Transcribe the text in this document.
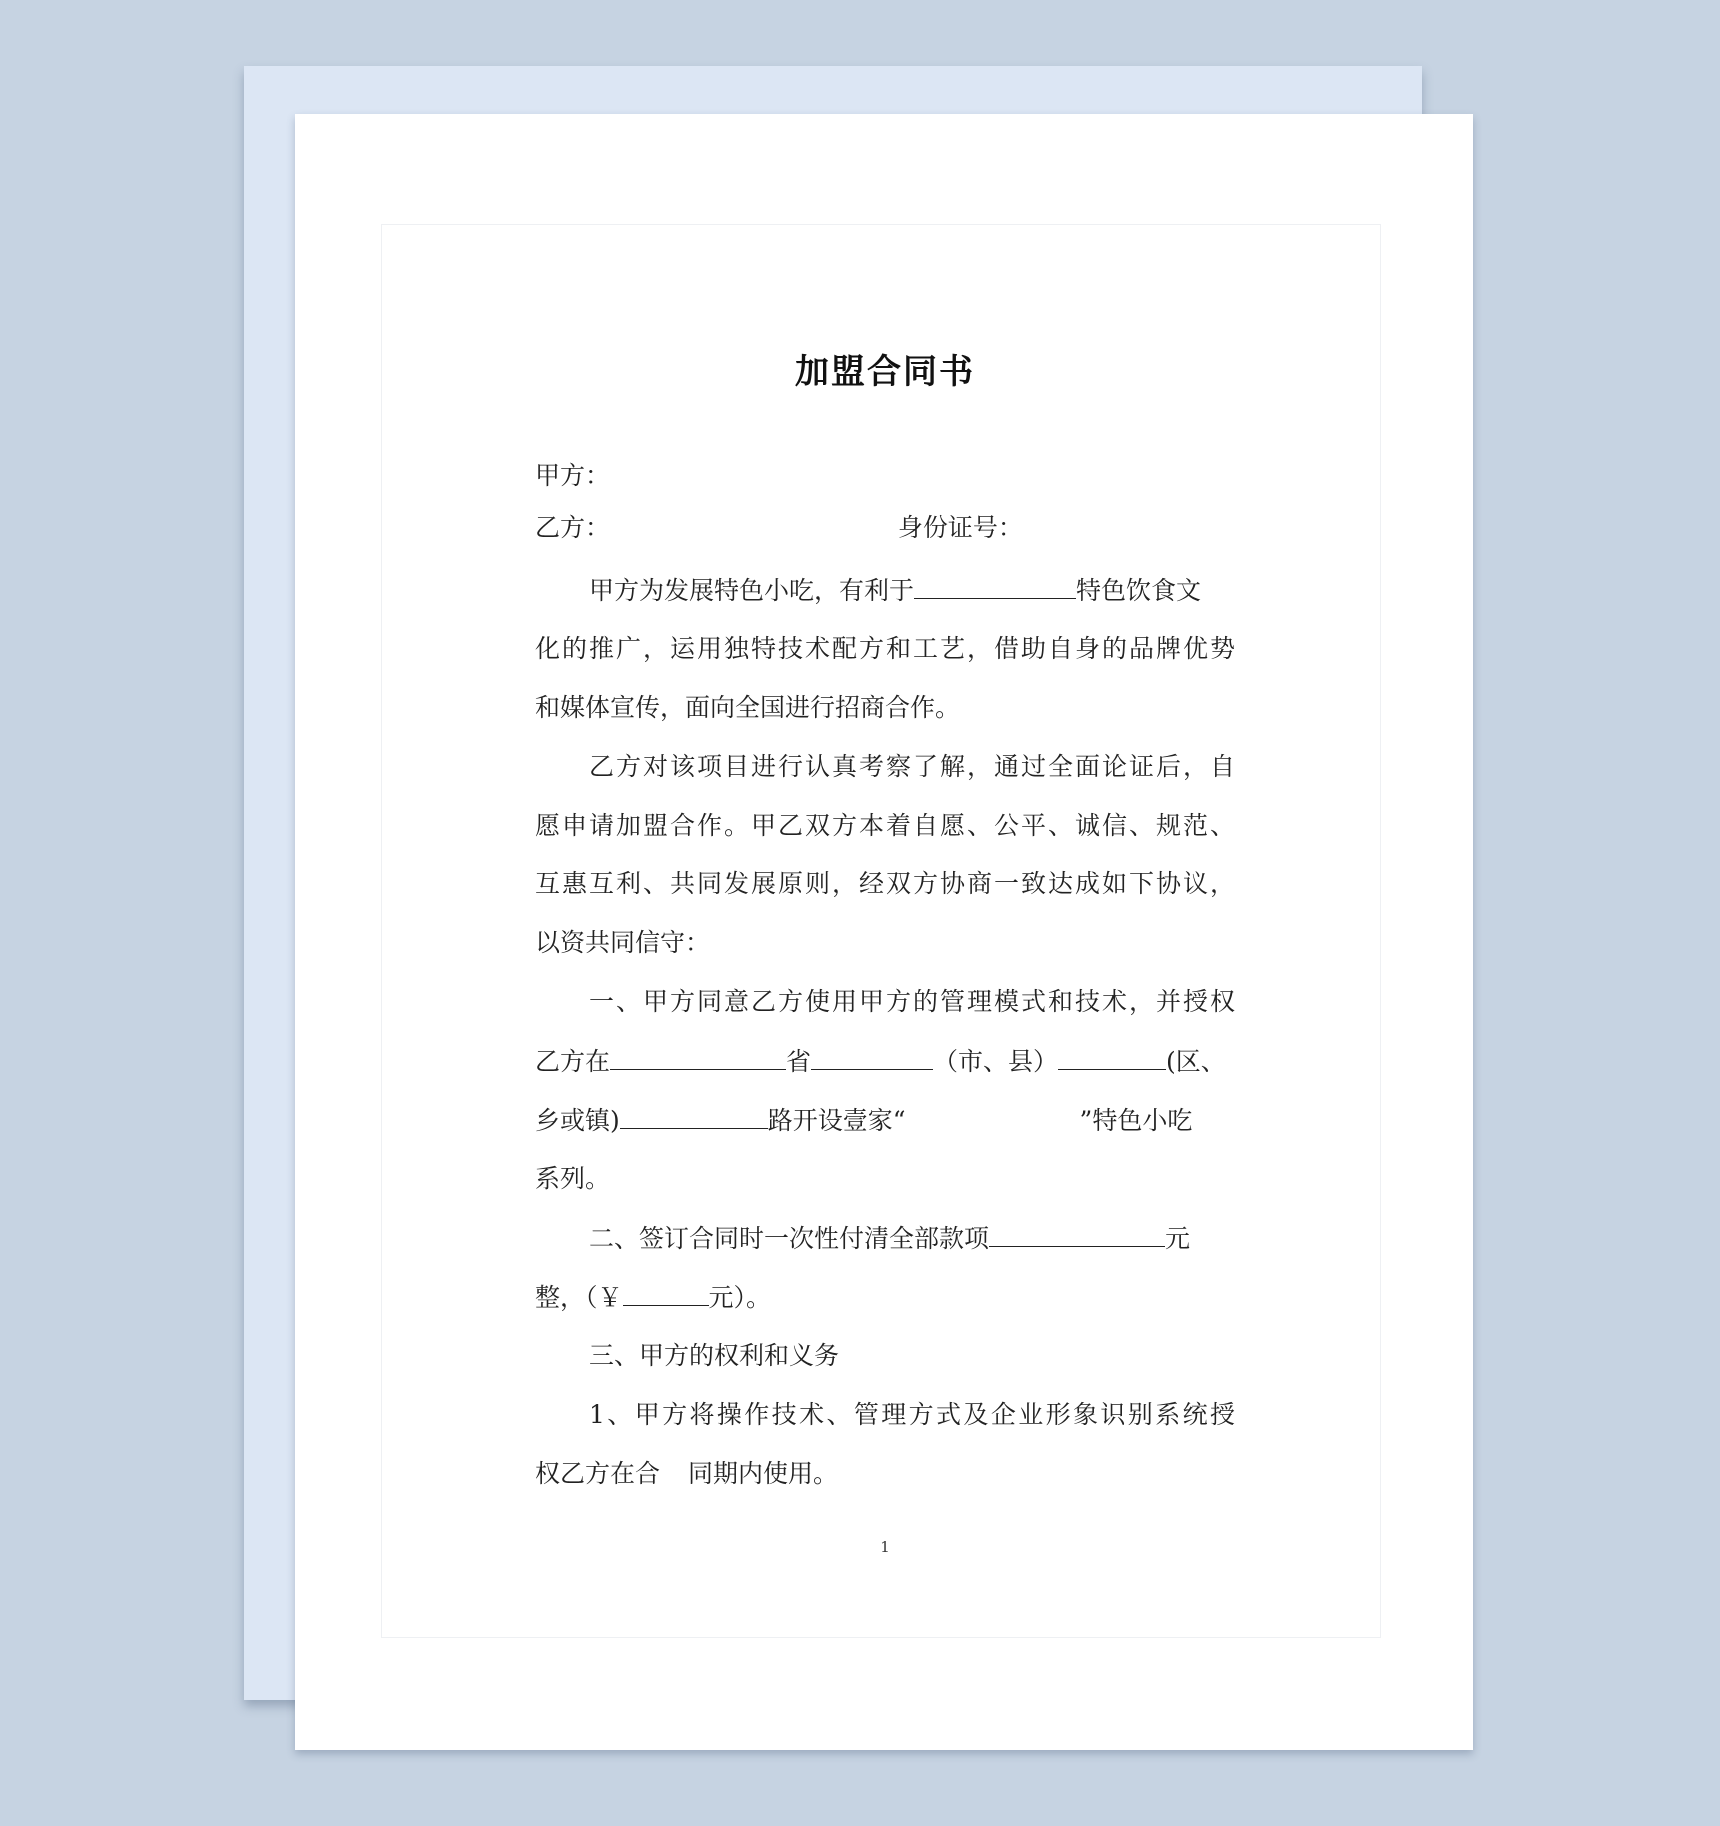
加盟合同书
甲方：
乙方：	身份证号：
甲方为发展特色小吃，有利于	特色饮食文
化的推广，运用独特技术配方和工艺，借助自身的品牌优势
和媒体宣传，面向全国进行招商合作。
乙方对该项目进行认真考察了解，通过全面论证后，自
愿申请加盟合作。甲乙双方本着自愿、公平、诚信、规范、
互惠互利、共同发展原则，经双方协商一致达成如下协议，
以资共同信守：
一、甲方同意乙方使用甲方的管理模式和技术，并授权
乙方在	省	（市、县）	(区、
乡或镇)	路开设壹家“	”特色小吃
系列。
二、签订合同时一次性付清全部款项	元
整，（￥	元）。
三、甲方的权利和义务
1、甲方将操作技术、管理方式及企业形象识别系统授
权乙方在合 同期内使用。
1
